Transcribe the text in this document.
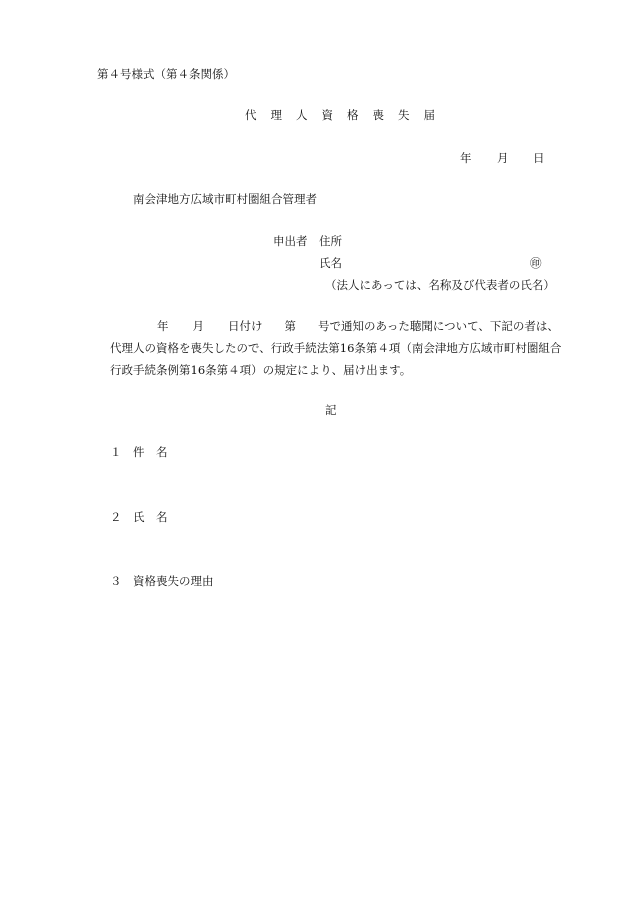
第４号様式（第４条関係）
代理人資格喪失届
年 月 日
南会津地方広域市町村圏組合管理者
申出者 住所
氏名	㊞
（法人にあっては、名称及び代表者の氏名）
年 月 日付け 第 号で通知のあった聴聞について、下記の者は、
代理人の資格を喪失したので、行政手続法第16条第４項（南会津地方広域市町村圏組合
行政手続条例第16条第４項）の規定により、届け出ます。
記
１ 件　名
２ 氏　名
３ 資格喪失の理由
